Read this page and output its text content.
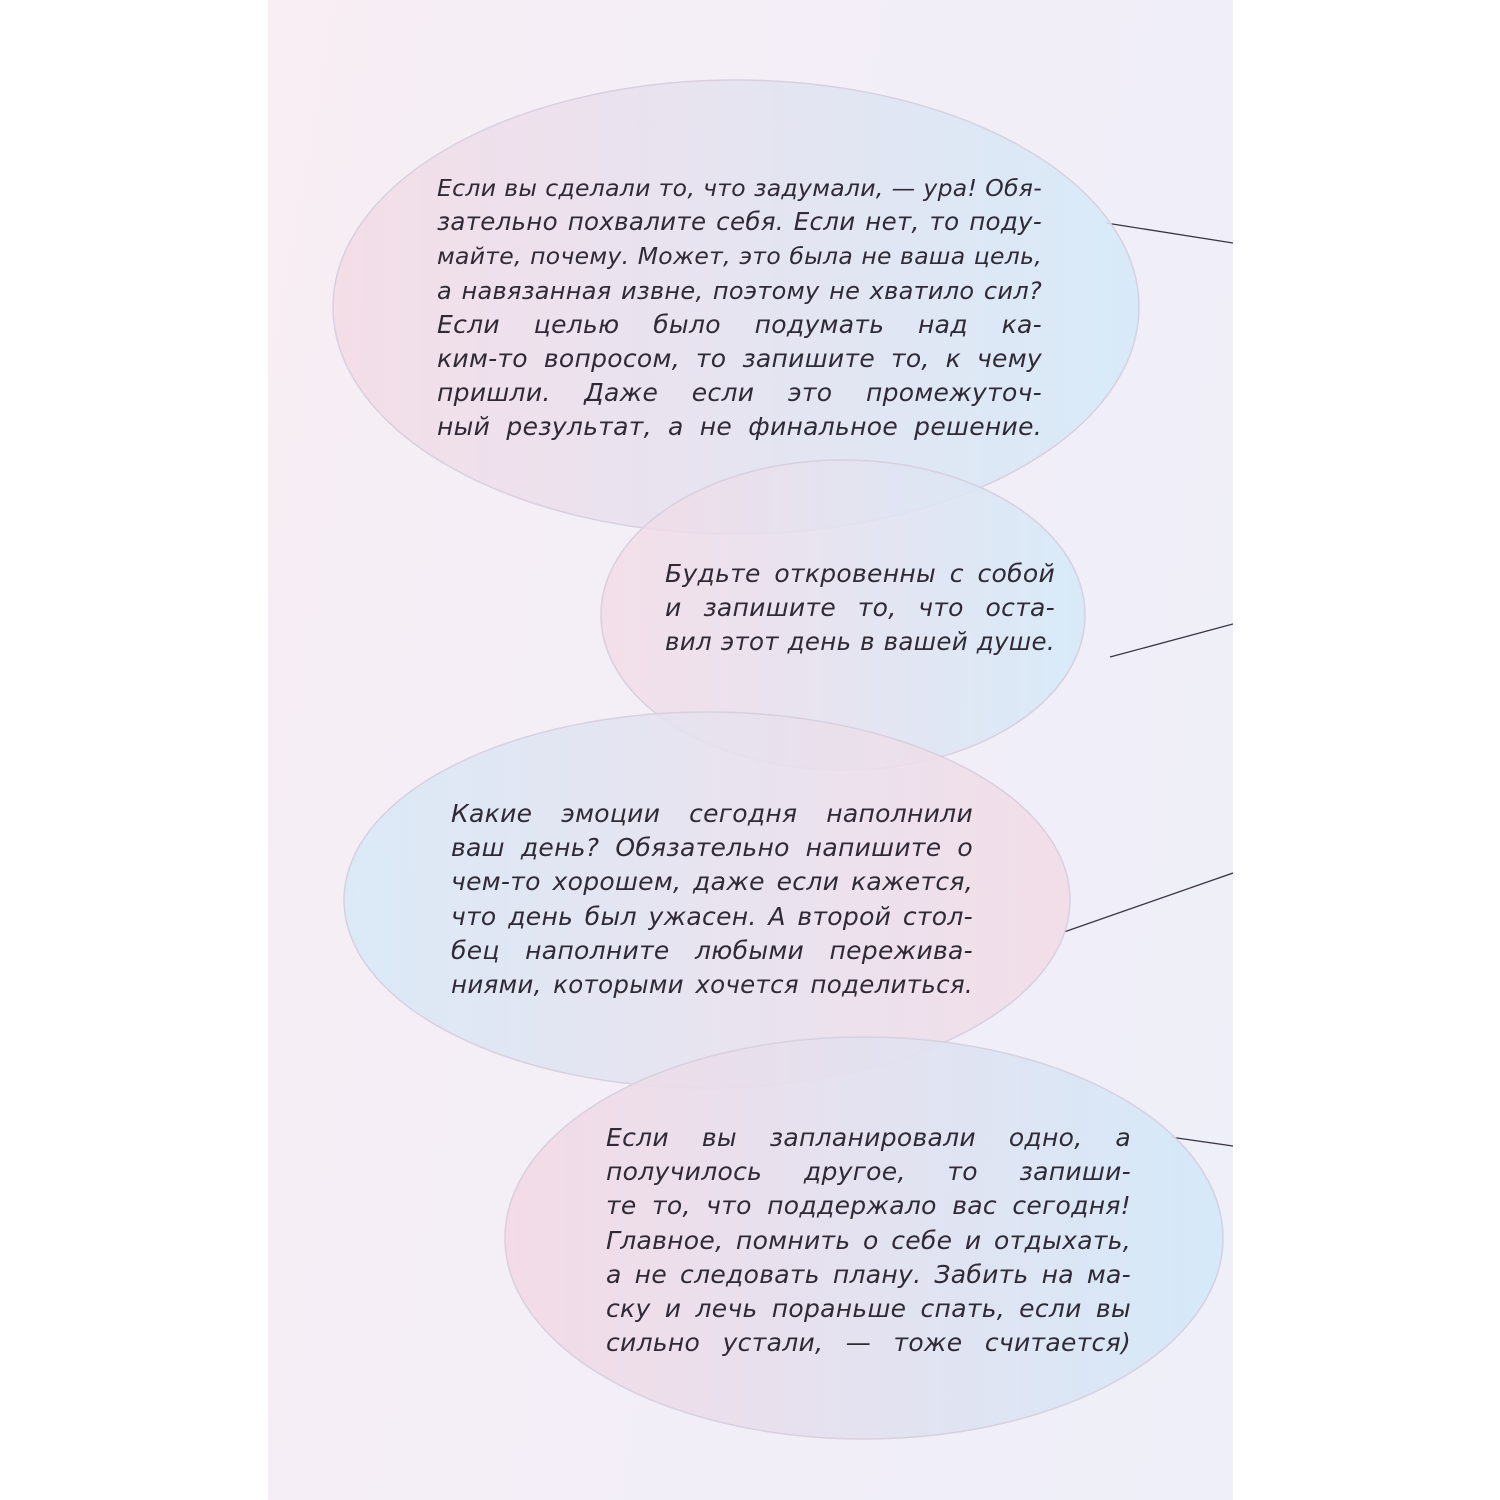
Если вы сделали то, что задумали, — ура! Обя-
зательно похвалите себя. Если нет, то поду-
майте, почему. Может, это была не ваша цель,
а навязанная извне, поэтому не хватило сил?
Если целью было подумать над ка-
ким-то вопросом, то запишите то, к чему
пришли. Даже если это промежуточ-
ный результат, а не финальное решение.
Будьте откровенны с собой
и запишите то, что оста-
вил этот день в вашей душе.
Какие эмоции сегодня наполнили
ваш день? Обязательно напишите о
чем-то хорошем, даже если кажется,
что день был ужасен. А второй стол-
бец наполните любыми пережива-
ниями, которыми хочется поделиться.
Если вы запланировали одно, а
получилось другое, то запиши-
те то, что поддержало вас сегодня!
Главное, помнить о себе и отдыхать,
а не следовать плану. Забить на ма-
ску и лечь пораньше спать, если вы
сильно устали, — тоже считается)
